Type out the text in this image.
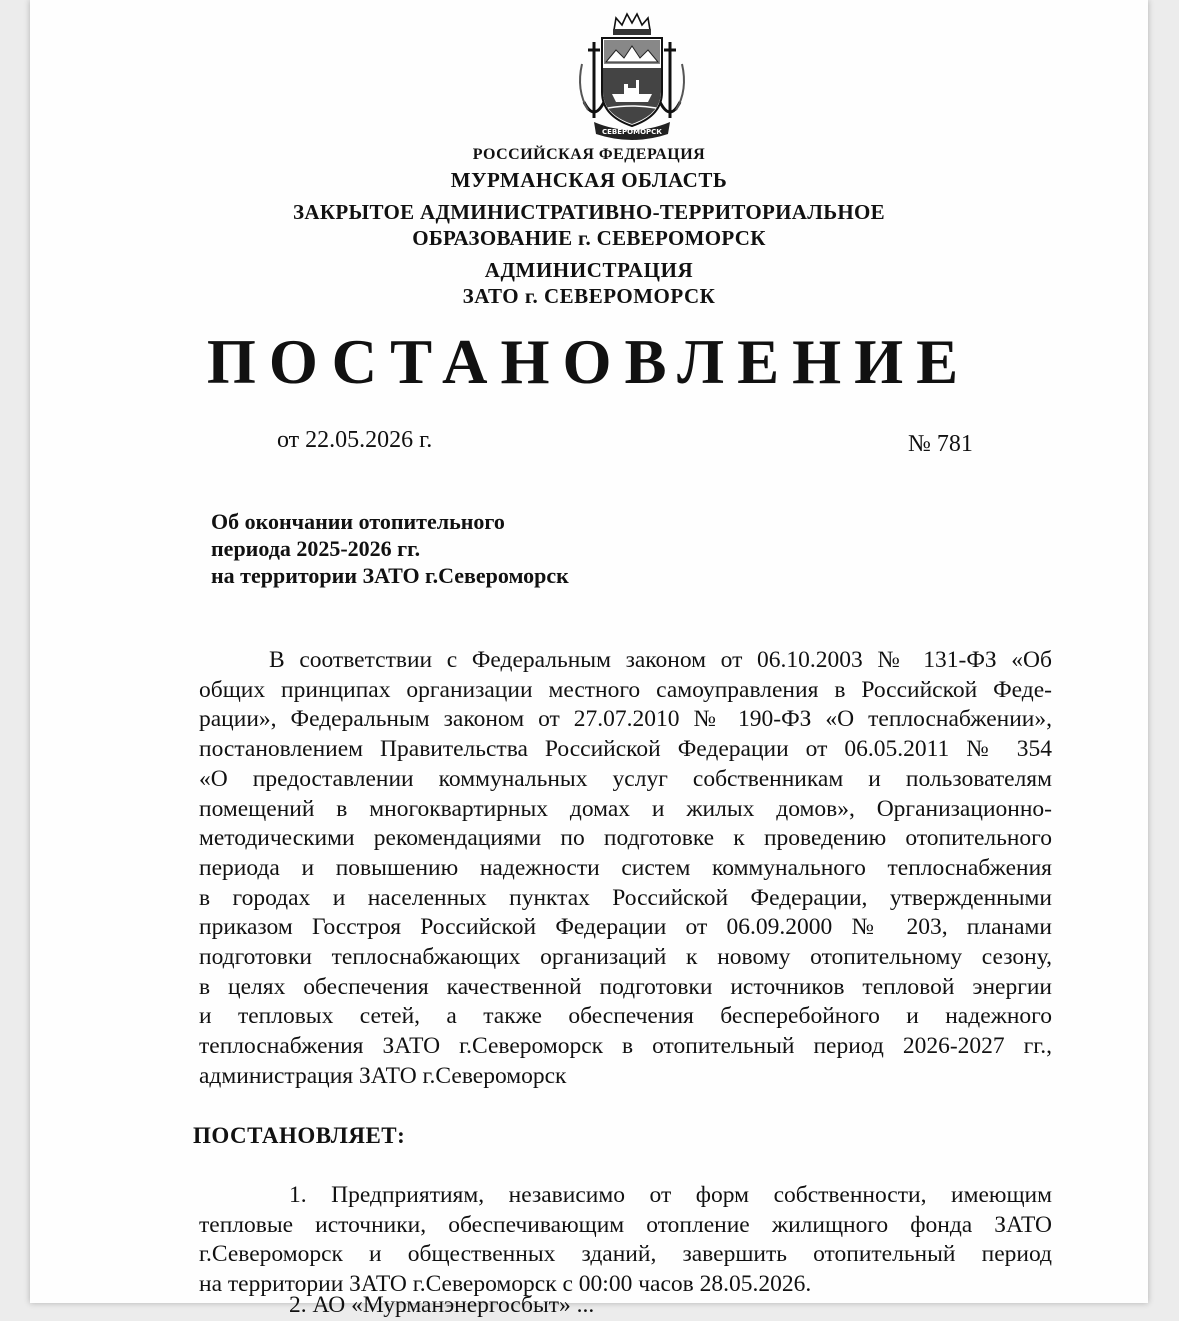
СЕВЕРОМОРСК
РОССИЙСКАЯ ФЕДЕРАЦИЯ
МУРМАНСКАЯ ОБЛАСТЬ
ЗАКРЫТОЕ АДМИНИСТРАТИВНО-ТЕРРИТОРИАЛЬНОЕ
ОБРАЗОВАНИЕ г. СЕВЕРОМОРСК
АДМИНИСТРАЦИЯ
ЗАТО г. СЕВЕРОМОРСК
ПОСТАНОВЛЕНИЕ
от 22.05.2026 г.	№ 781
Об окончании отопительного
периода 2025-2026 гг.
на территории ЗАТО г.Североморск
В соответствии с Федеральным законом от 06.10.2003 № 131-ФЗ «Об
общих принципах организации местного самоуправления в Российской Феде-
рации», Федеральным законом от 27.07.2010 № 190-ФЗ «О теплоснабжении»,
постановлением Правительства Российской Федерации от 06.05.2011 № 354
«О предоставлении коммунальных услуг собственникам и пользователям
помещений в многоквартирных домах и жилых домов», Организационно-
методическими рекомендациями по подготовке к проведению отопительного
периода и повышению надежности систем коммунального теплоснабжения
в городах и населенных пунктах Российской Федерации, утвержденными
приказом Госстроя Российской Федерации от 06.09.2000 № 203, планами
подготовки теплоснабжающих организаций к новому отопительному сезону,
в целях обеспечения качественной подготовки источников тепловой энергии
и тепловых сетей, а также обеспечения бесперебойного и надежного
теплоснабжения ЗАТО г.Североморск в отопительный период 2026-2027 гг.,
администрация ЗАТО г.Североморск
ПОСТАНОВЛЯЕТ:
1. Предприятиям, независимо от форм собственности, имеющим
тепловые источники, обеспечивающим отопление жилищного фонда ЗАТО
г.Североморск и общественных зданий, завершить отопительный период
на территории ЗАТО г.Североморск с 00:00 часов 28.05.2026.
2. АО «Мурманэнергосбыт» ...
